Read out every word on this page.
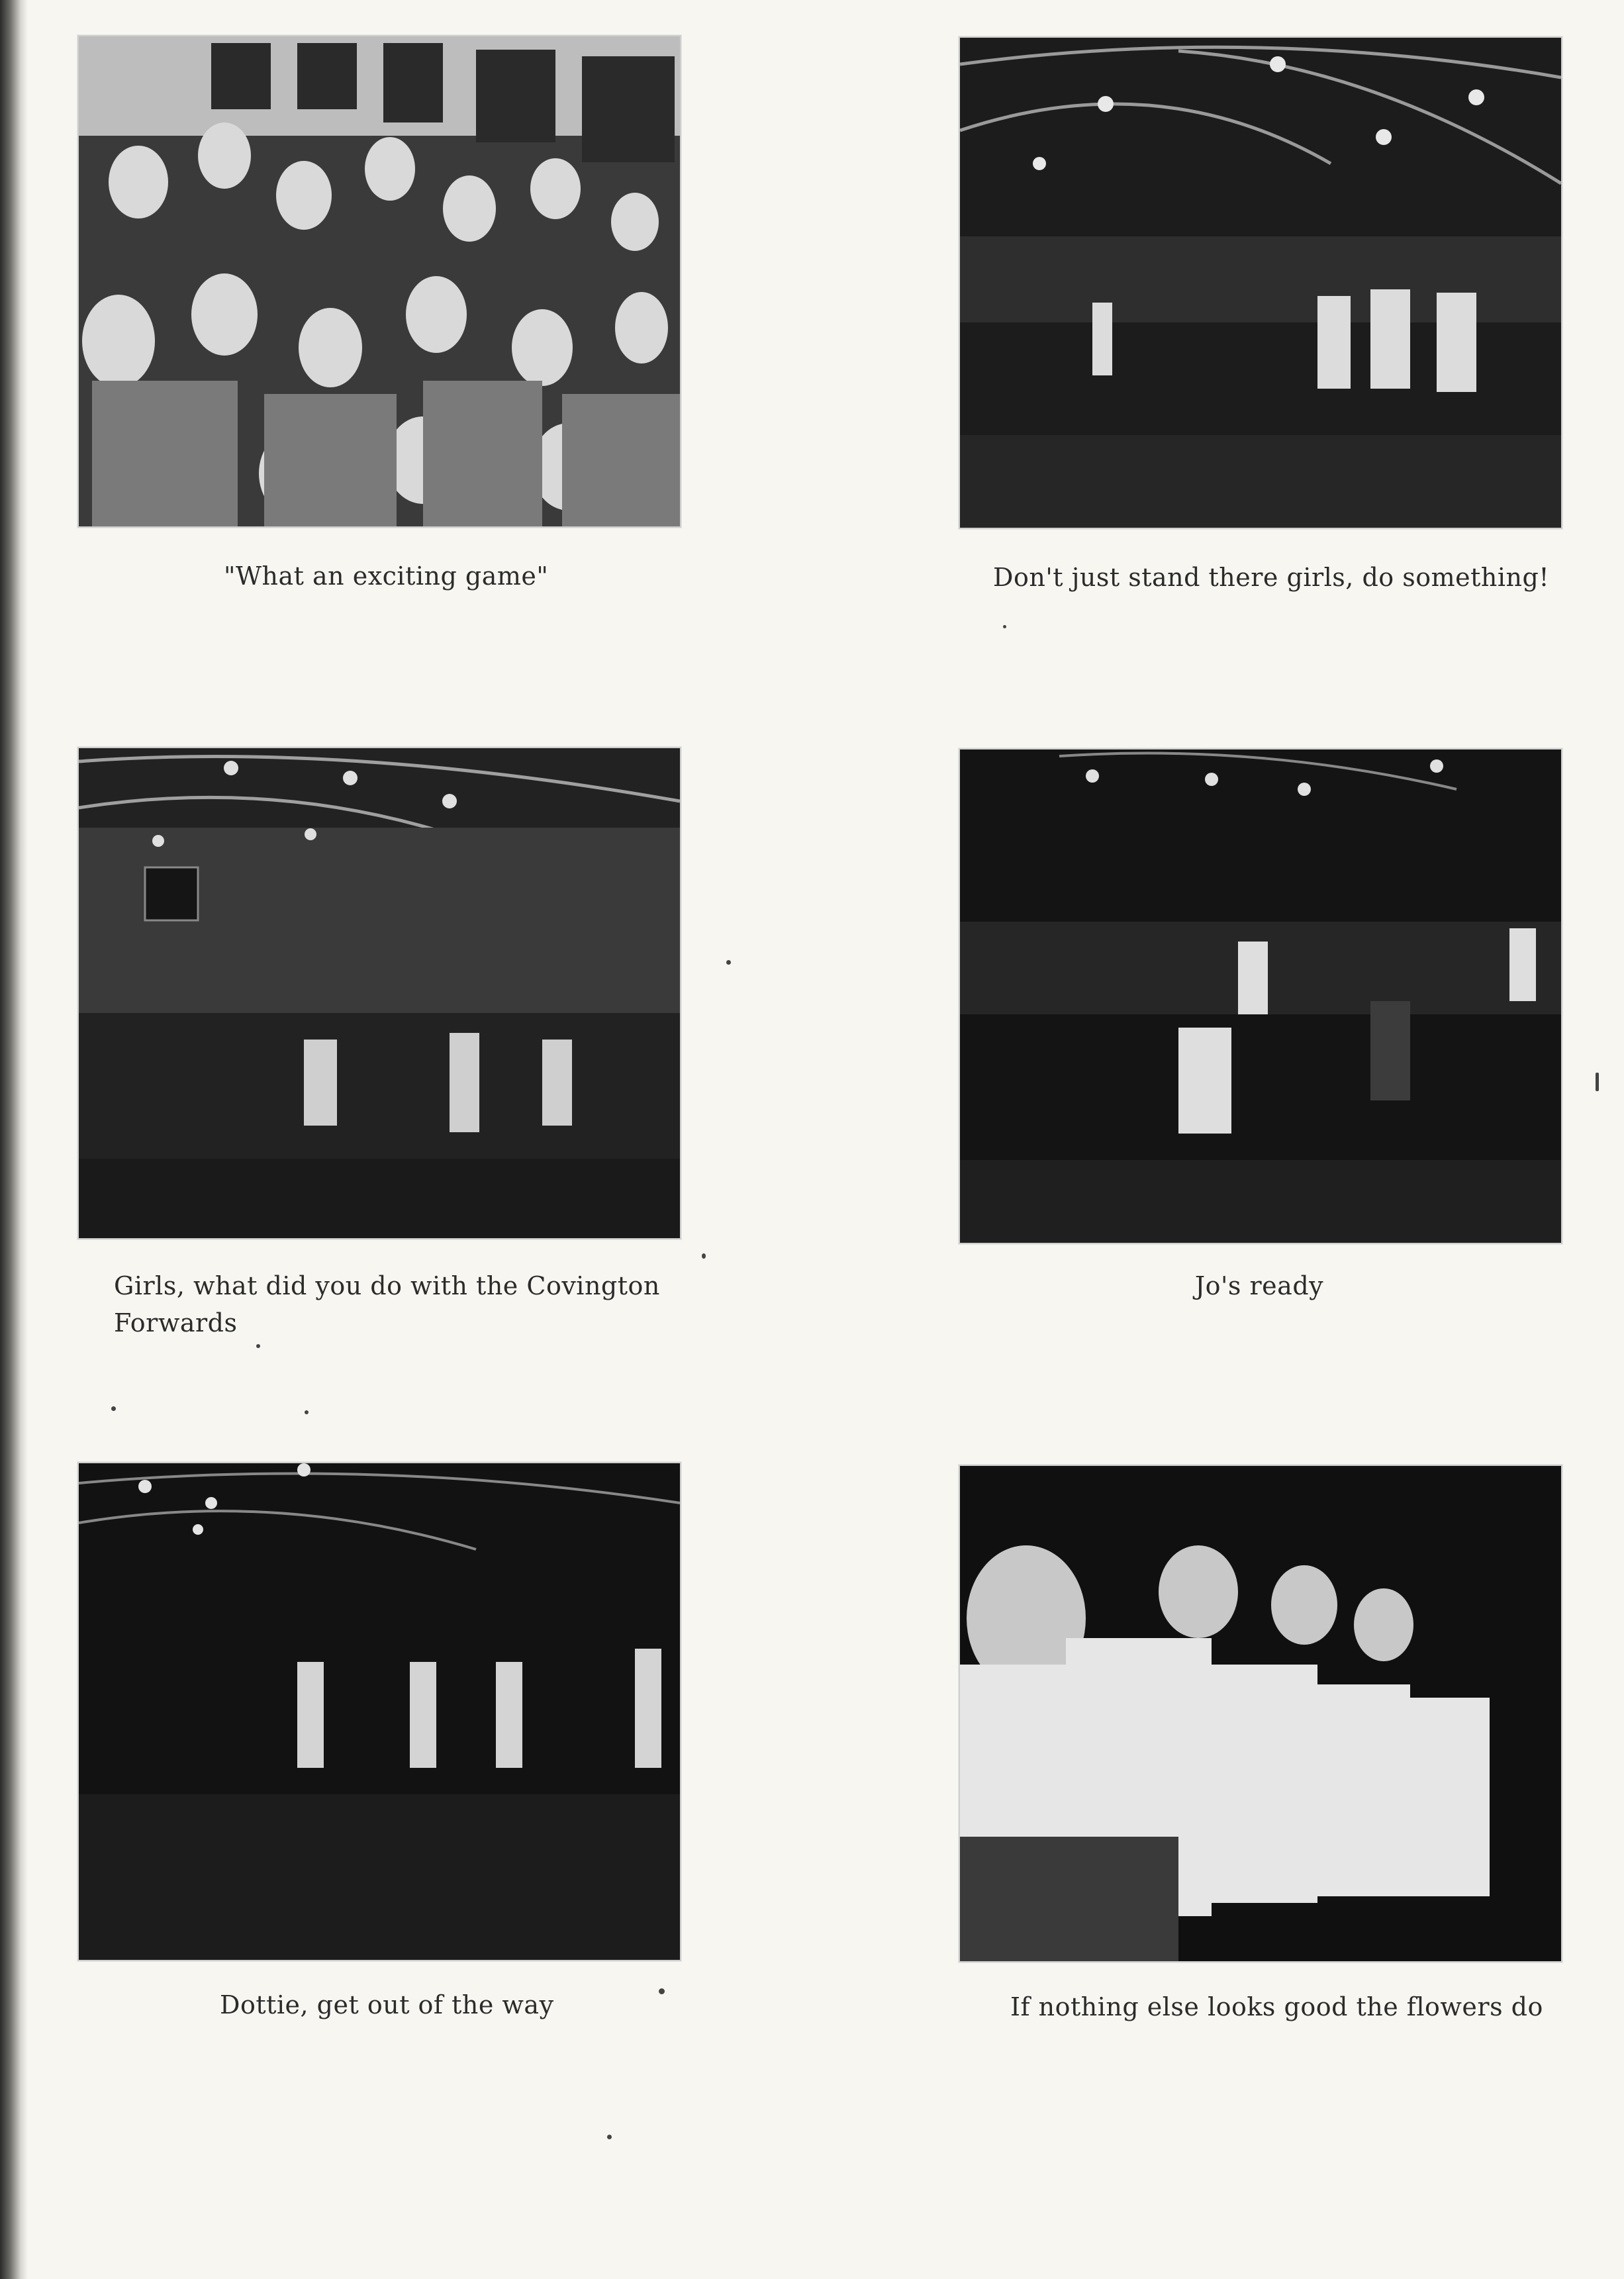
"What an exciting game"	Don't just stand there girls, do something!
Girls, what did you do with the Covington Forwards
Jo's ready
Dottie, get out of the way	If nothing else looks good the flowers do
